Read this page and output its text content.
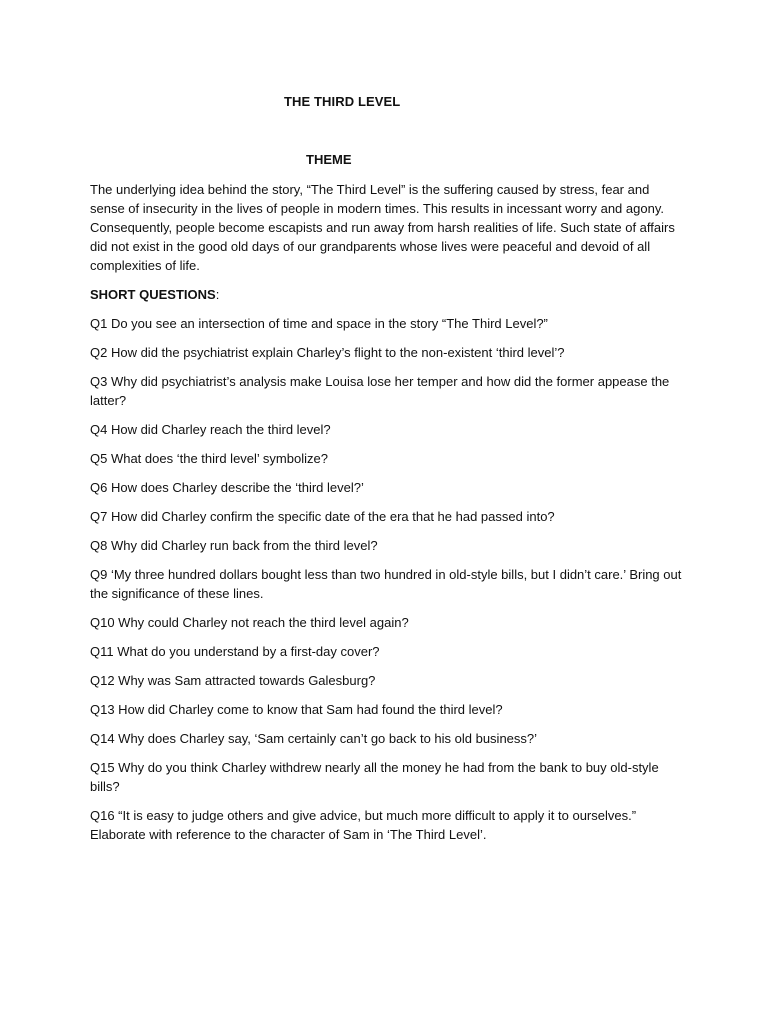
THE THIRD LEVEL
THEME

The underlying idea behind the story, “The Third Level” is the suffering caused by stress, fear and sense of insecurity in the lives of people in modern times. This results in incessant worry and agony. Consequently, people become escapists and run away from harsh realities of life. Such state of affairs did not exist in the good old days of our grandparents whose lives were peaceful and devoid of all complexities of life.

SHORT QUESTIONS:

Q1 Do you see an intersection of time and space in the story “The Third Level?”

Q2 How did the psychiatrist explain Charley’s flight to the non-existent ‘third level’?

Q3 Why did psychiatrist’s analysis make Louisa lose her temper and how did the former appease the latter?

Q4 How did Charley reach the third level?

Q5 What does ‘the third level’ symbolize?

Q6 How does Charley describe the ‘third level?’

Q7 How did Charley confirm the specific date of the era that he had passed into?

Q8 Why did Charley run back from the third level?

Q9 ‘My three hundred dollars bought less than two hundred in old-style bills, but I didn’t care.’ Bring out the significance of these lines.

Q10 Why could Charley not reach the third level again?

Q11 What do you understand by a first-day cover?

Q12 Why was Sam attracted towards Galesburg?

Q13 How did Charley come to know that Sam had found the third level?

Q14 Why does Charley say, ‘Sam certainly can’t go back to his old business?’

Q15 Why do you think Charley withdrew nearly all the money he had from the bank to buy old-style bills?

Q16 “It is easy to judge others and give advice, but much more difficult to apply it to ourselves.” Elaborate with reference to the character of Sam in ‘The Third Level’.
